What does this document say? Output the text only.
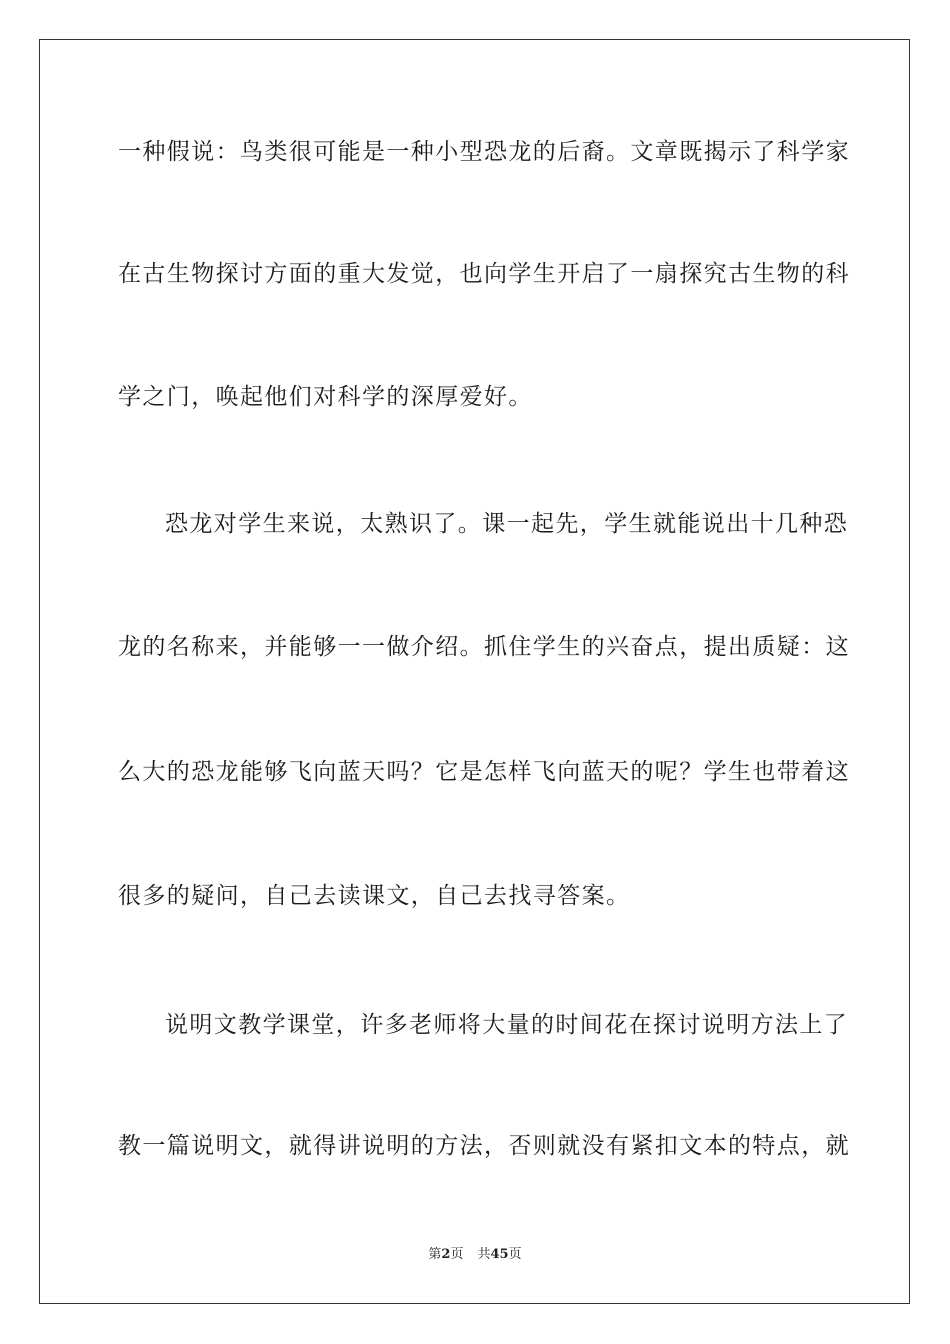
一种假说：鸟类很可能是一种小型恐龙的后裔。文章既揭示了科学家
在古生物探讨方面的重大发觉，也向学生开启了一扇探究古生物的科
学之门，唤起他们对科学的深厚爱好。
恐龙对学生来说，太熟识了。课一起先，学生就能说出十几种恐
龙的名称来，并能够一一做介绍。抓住学生的兴奋点，提出质疑：这
么大的恐龙能够飞向蓝天吗？它是怎样飞向蓝天的呢？学生也带着这
很多的疑问，自己去读课文，自己去找寻答案。
说明文教学课堂，许多老师将大量的时间花在探讨说明方法上了
教一篇说明文，就得讲说明的方法，否则就没有紧扣文本的特点，就
第2页 共45页
